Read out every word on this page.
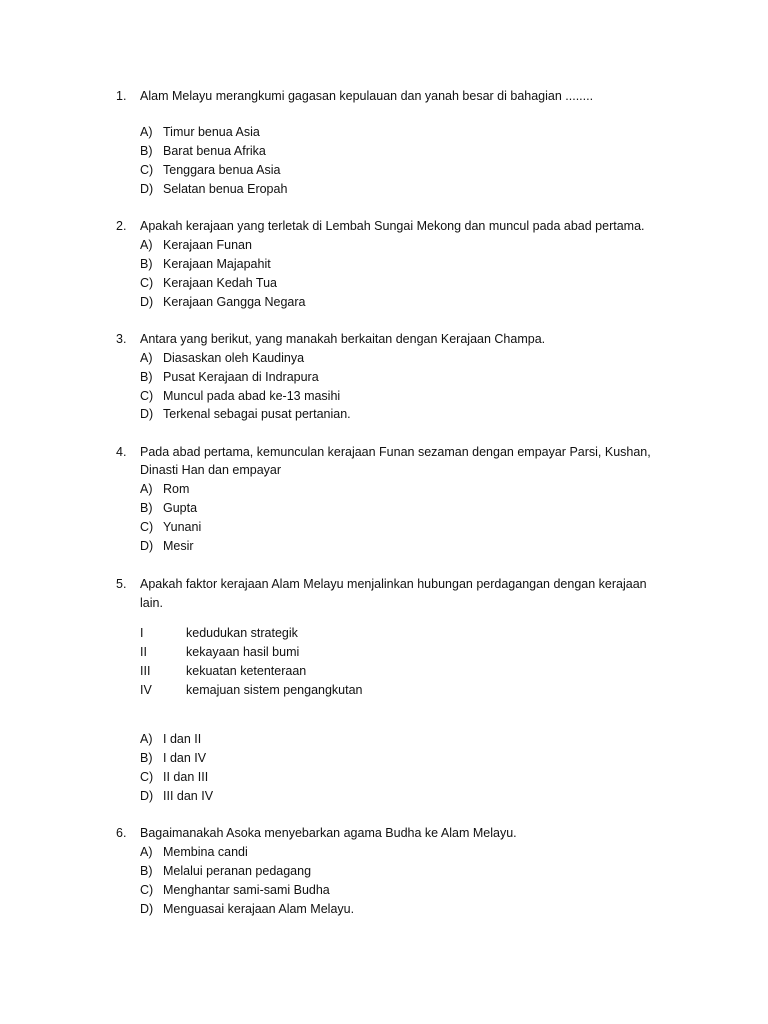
1. Alam Melayu merangkumi gagasan kepulauan dan yanah besar di bahagian ........
A) Timur benua Asia
B) Barat benua Afrika
C) Tenggara benua Asia
D) Selatan benua Eropah
2. Apakah kerajaan yang terletak di Lembah Sungai Mekong dan muncul pada abad pertama.
A) Kerajaan Funan
B) Kerajaan Majapahit
C) Kerajaan Kedah Tua
D) Kerajaan Gangga Negara
3. Antara yang berikut, yang manakah berkaitan dengan Kerajaan Champa.
A) Diasaskan oleh Kaudinya
B) Pusat Kerajaan di Indrapura
C) Muncul pada abad ke-13 masihi
D) Terkenal sebagai pusat pertanian.
4. Pada abad pertama, kemunculan kerajaan Funan sezaman dengan empayar Parsi, Kushan,
Dinasti Han dan empayar
A) Rom
B) Gupta
C) Yunani
D) Mesir
5. Apakah faktor kerajaan Alam Melayu menjalinkan hubungan perdagangan dengan kerajaan
lain.
I	kedudukan strategik
II	kekayaan hasil bumi
III	kekuatan ketenteraan
IV	kemajuan sistem pengangkutan
A) I dan II
B) I dan IV
C) II dan III
D) III dan IV
6. Bagaimanakah Asoka menyebarkan agama Budha ke Alam Melayu.
A) Membina candi
B) Melalui peranan pedagang
C) Menghantar sami-sami Budha
D) Menguasai kerajaan Alam Melayu.
